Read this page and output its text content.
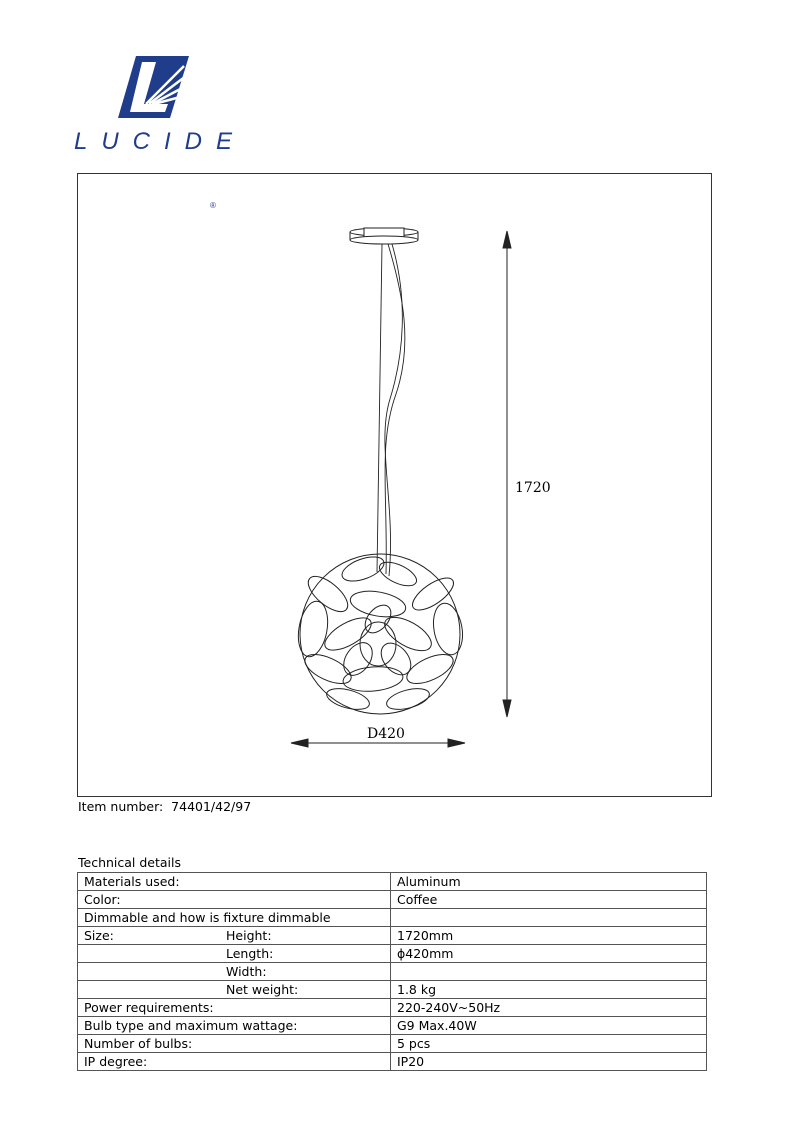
LUCIDE
®
1720
D420
Item number: 74401/42/97
Technical details
Materials used:	Aluminum
Color:	Coffee
Dimmable and how is fixture dimmable	
Size: Height:	1720mm
Length:	ϕ420mm
Width:	
Net weight:	1.8 kg
Power requirements:	220-240V~50Hz
Bulb type and maximum wattage:	G9 Max.40W
Number of bulbs:	5 pcs
IP degree:	IP20
